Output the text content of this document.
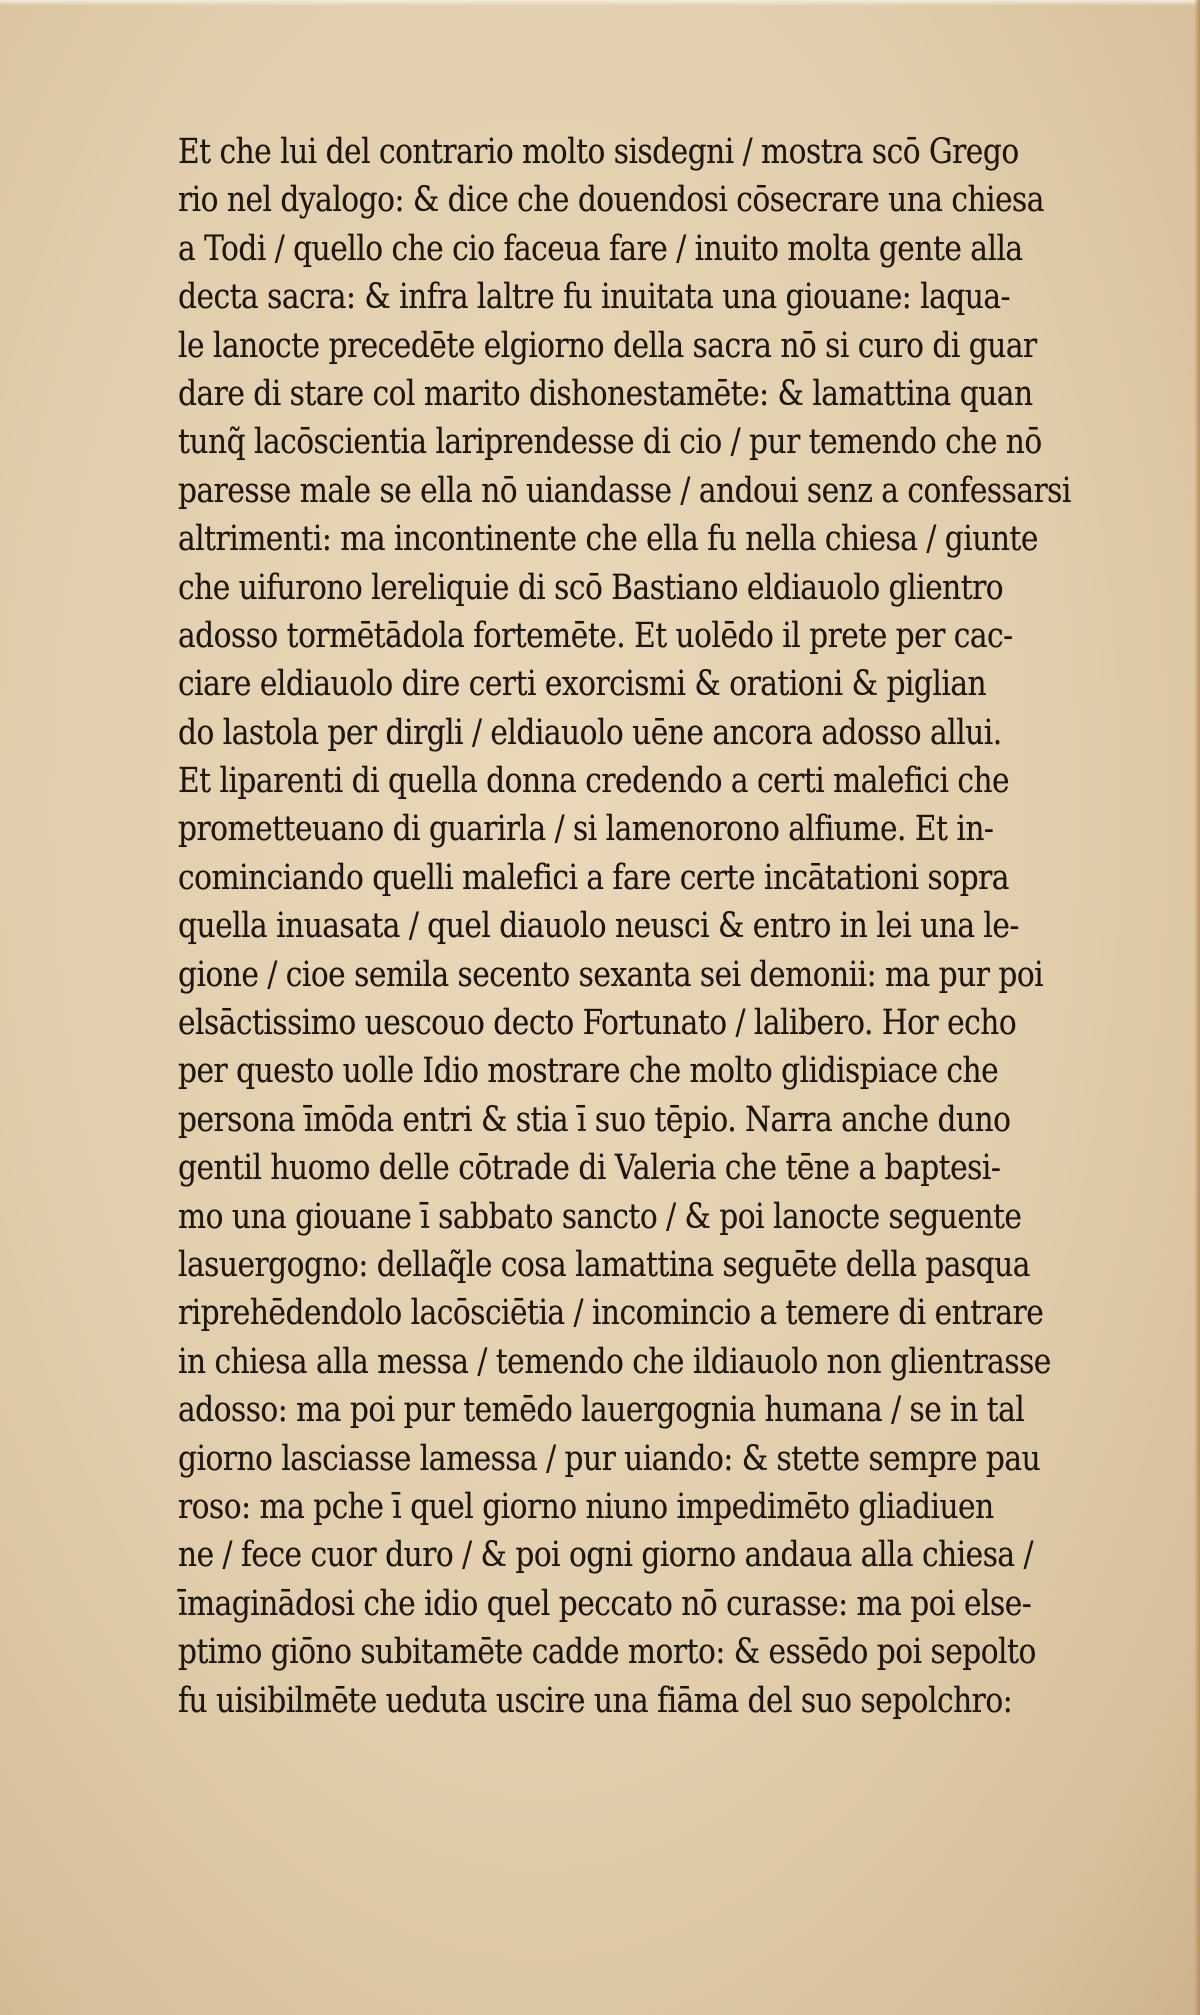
Et che lui del contrario molto sisdegni / mostra scō Grego
rio nel dyalogo: & dice che douendosi cōsecrare una chiesa
a Todi / quello che cio faceua fare / inuito molta gente alla
decta sacra: & infra laltre fu inuitata una giouane: laqua-
le lanocte precedēte elgiorno della sacra nō si curo di guar
dare di stare col marito dishonestamēte: & lamattina quan
tunq̃ lacōscientia lariprendesse di cio / pur temendo che nō
paresse male se ella nō uiandasse / andoui senz a confessarsi
altrimenti: ma incontinente che ella fu nella chiesa / giunte
che uifurono lereliquie di scō Bastiano eldiauolo glientro
adosso tormētādola fortemēte. Et uolēdo il prete per cac-
ciare eldiauolo dire certi exorcismi & orationi & piglian
do lastola per dirgli / eldiauolo uēne ancora adosso allui.
Et liparenti di quella donna credendo a certi malefici che
prometteuano di guarirla / si lamenorono alfiume. Et in-
cominciando quelli malefici a fare certe incātationi sopra
quella inuasata / quel diauolo neusci & entro in lei una le-
gione / cioe semila secento sexanta sei demonii: ma pur poi
elsāctissimo uescouo decto Fortunato / lalibero. Hor echo
per questo uolle Idio mostrare che molto glidispiace che
persona īmōda entri & stia ī suo tēpio. Narra anche duno
gentil huomo delle cōtrade di Valeria che tēne a baptesi-
mo una giouane ī sabbato sancto / & poi lanocte seguente
lasuergogno: dellaq̃le cosa lamattina seguēte della pasqua
riprehēdendolo lacōsciētia / incomincio a temere di entrare
in chiesa alla messa / temendo che ildiauolo non glientrasse
adosso: ma poi pur temēdo lauergognia humana / se in tal
giorno lasciasse lamessa / pur uiando: & stette sempre pau
roso: ma pche ī quel giorno niuno impedimēto gliadiuen
ne / fece cuor duro / & poi ogni giorno andaua alla chiesa /
īmaginādosi che idio quel peccato nō curasse: ma poi else-
ptimo giōno subitamēte cadde morto: & essēdo poi sepolto
fu uisibilmēte ueduta uscire una fiāma del suo sepolchro:
